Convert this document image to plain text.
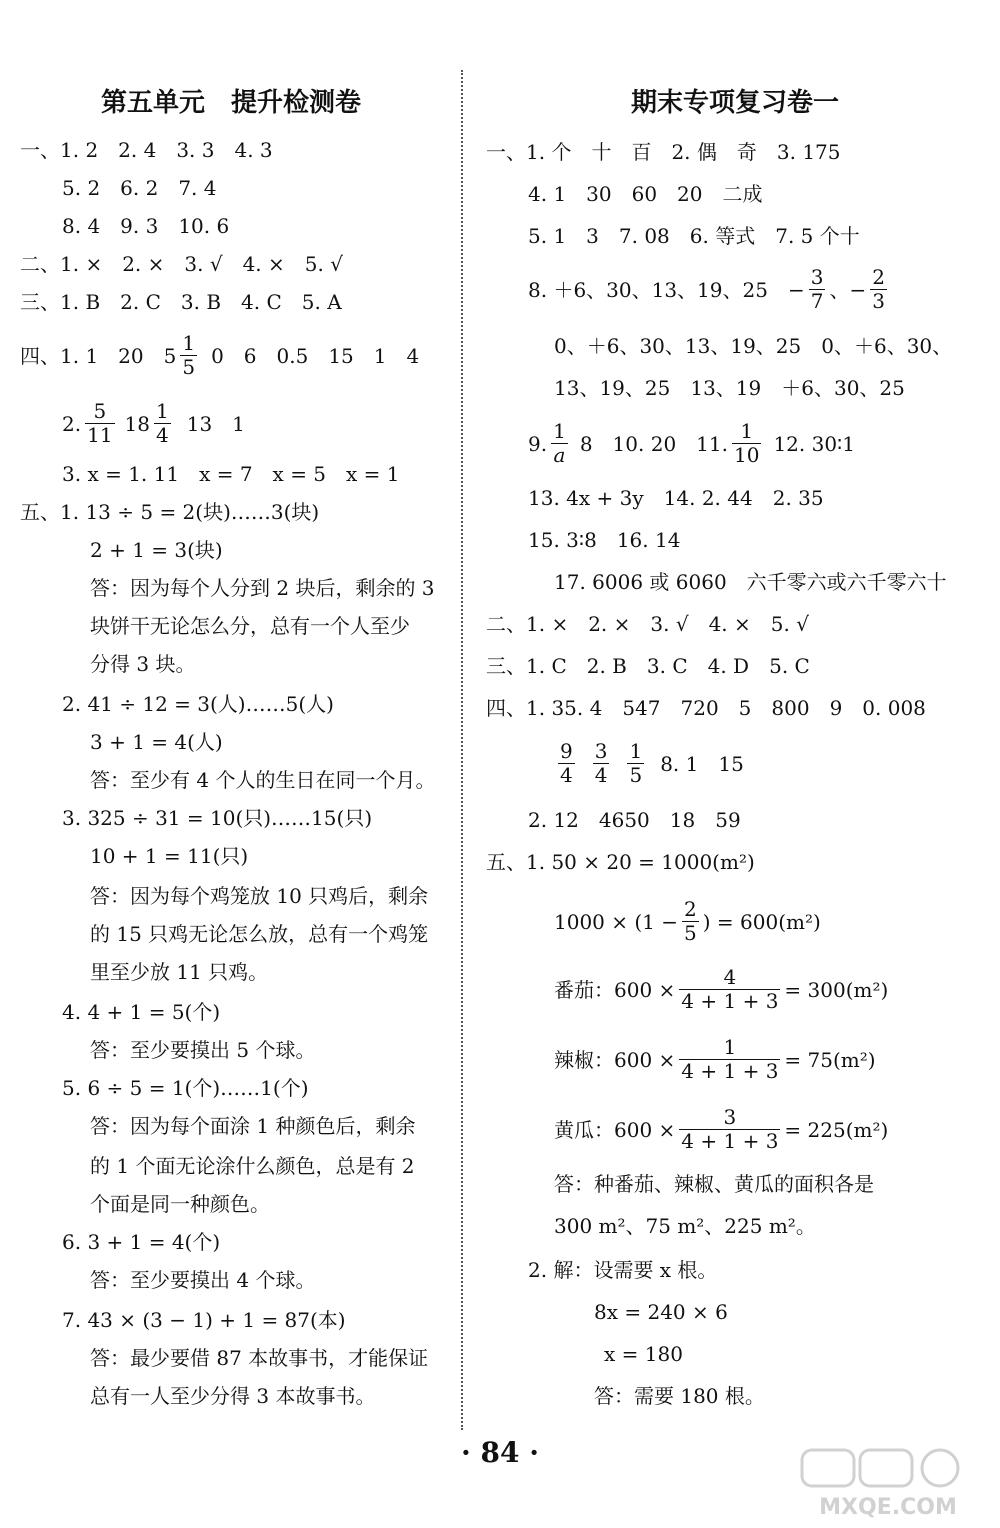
第五单元　提升检测卷
一、1. 2　2. 4　3. 3　4. 3
5. 2　6. 2　7. 4
8. 4　9. 3　10. 6
二、1. ×　2. ×　3. √　4. ×　5. √
三、1. B　2. C　3. B　4. C　5. A
四、1. 1　20　$5 \frac{1}{5} 0$　6　0.5　15　1　4
2. $\frac{5}{11} 18 \frac{1}{4} 13$　1
3. x = 1. 11　x = 7　x = 5　x = 1
五、1. 13 ÷ 5 = 2(块)……3(块)
2 + 1 = 3(块)
答：因为每个人分到 2 块后，剩余的 3
块饼干无论怎么分，总有一个人至少
分得 3 块。
2. 41 ÷ 12 = 3(人)……5(人)
3 + 1 = 4(人)
答：至少有 4 个人的生日在同一个月。
3. 325 ÷ 31 = 10(只)……15(只)
10 + 1 = 11(只)
答：因为每个鸡笼放 10 只鸡后，剩余
的 15 只鸡无论怎么放，总有一个鸡笼
里至少放 11 只鸡。
4. 4 + 1 = 5(个)
答：至少要摸出 5 个球。
5. 6 ÷ 5 = 1(个)……1(个)
答：因为每个面涂 1 种颜色后，剩余
的 1 个面无论涂什么颜色，总是有 2
个面是同一种颜色。
6. 3 + 1 = 4(个)
答：至少要摸出 4 个球。
7. 43 × (3 − 1) + 1 = 87(本)
答：最少要借 87 本故事书，才能保证
总有一人至少分得 3 本故事书。
期末专项复习卷一
一、1. 个　十　百　2. 偶　奇　3. 175
4. 1　30　60　20　二成
5. 1　3　7. 08　6. 等式　7. 5 个十
8. ＋6、30、13、19、25　− $\frac{3}{7}$ 、− $\frac{2}{3}$
0、＋6、30、13、19、25　0、＋6、30、
13、19、25　13、19　＋6、30、25
9. $\frac{1}{a} 8$　10. 20　11. $\frac{1}{10} 12$. 30∶1
13. 4x + 3y　14. 2. 44　2. 35
15. 3∶8　16. 14
17. 6006 或 6060　六千零六或六千零六十
二、1. ×　2. ×　3. √　4. ×　5. √
三、1. C　2. B　3. C　4. D　5. C
四、1. 35. 4　547　720　5　800　9　0. 008
$\frac{9}{4} \frac{3}{4} \frac{1}{5} 8$. 1　15
2. 12　4650　18　59
五、1. 50 × 20 = 1000(m²)
$1000 \times (1 - \frac{2}{5}$ ) = 600(m²)
番茄：$600 \times \frac{4}{4 + 1 + 3} = 300(m^2)$
辣椒：$600 \times \frac{1}{4 + 1 + 3} = 75(m^2)$
黄瓜：$600 \times \frac{3}{4 + 1 + 3} = 225(m^2)$
答：种番茄、辣椒、黄瓜的面积各是
300 m²、75 m²、225 m²。
2. 解：设需要 x 根。
8x = 240 × 6
x = 180
答：需要 180 根。
· 84 ·
MXQE.COM
